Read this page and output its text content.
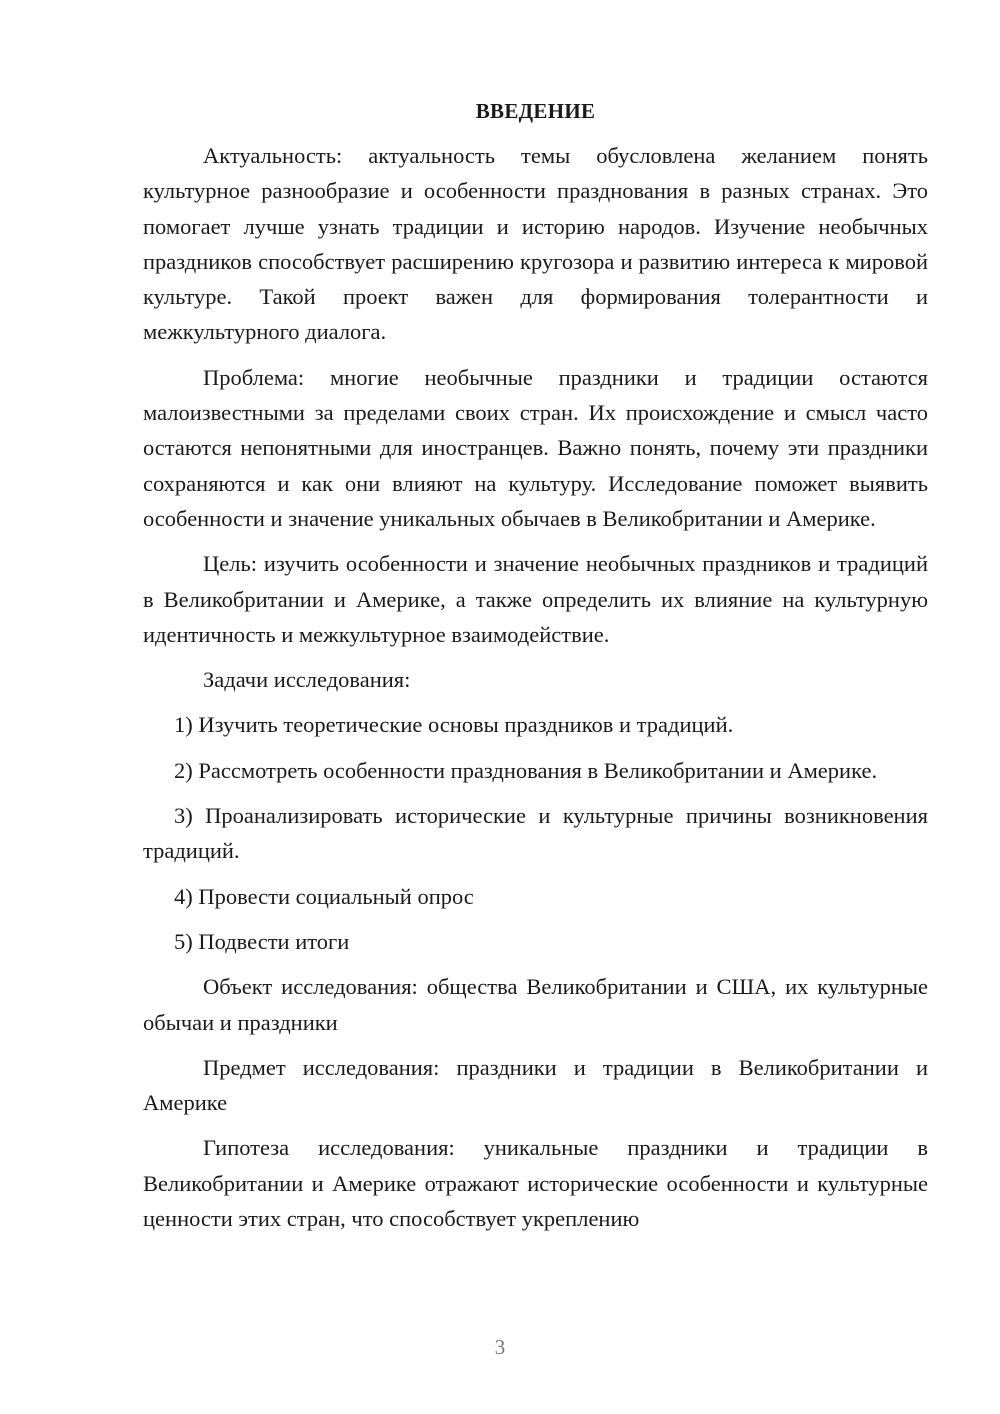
ВВЕДЕНИЕ

Актуальность: актуальность темы обусловлена желанием понять культурное разнообразие и особенности празднования в разных странах. Это помогает лучше узнать традиции и историю народов. Изучение необычных праздников способствует расширению кругозора и развитию интереса к мировой культуре. Такой проект важен для формирования толерантности и межкультурного диалога.

Проблема: многие необычные праздники и традиции остаются малоизвестными за пределами своих стран. Их происхождение и смысл часто остаются непонятными для иностранцев. Важно понять, почему эти праздники сохраняются и как они влияют на культуру. Исследование поможет выявить особенности и значение уникальных обычаев в Великобритании и Америке.

Цель: изучить особенности и значение необычных праздников и традиций в Великобритании и Америке, а также определить их влияние на культурную идентичность и межкультурное взаимодействие.

Задачи исследования:

1) Изучить теоретические основы праздников и традиций.

2) Рассмотреть особенности празднования в Великобритании и Америке.

3) Проанализировать исторические и культурные причины возникновения традиций.

4) Провести социальный опрос

5) Подвести итоги

Объект исследования: общества Великобритании и США, их культурные обычаи и праздники

Предмет исследования: праздники и традиции в Великобритании и Америке

Гипотеза исследования: уникальные праздники и традиции в Великобритании и Америке отражают исторические особенности и культурные ценности этих стран, что способствует укреплению

3
